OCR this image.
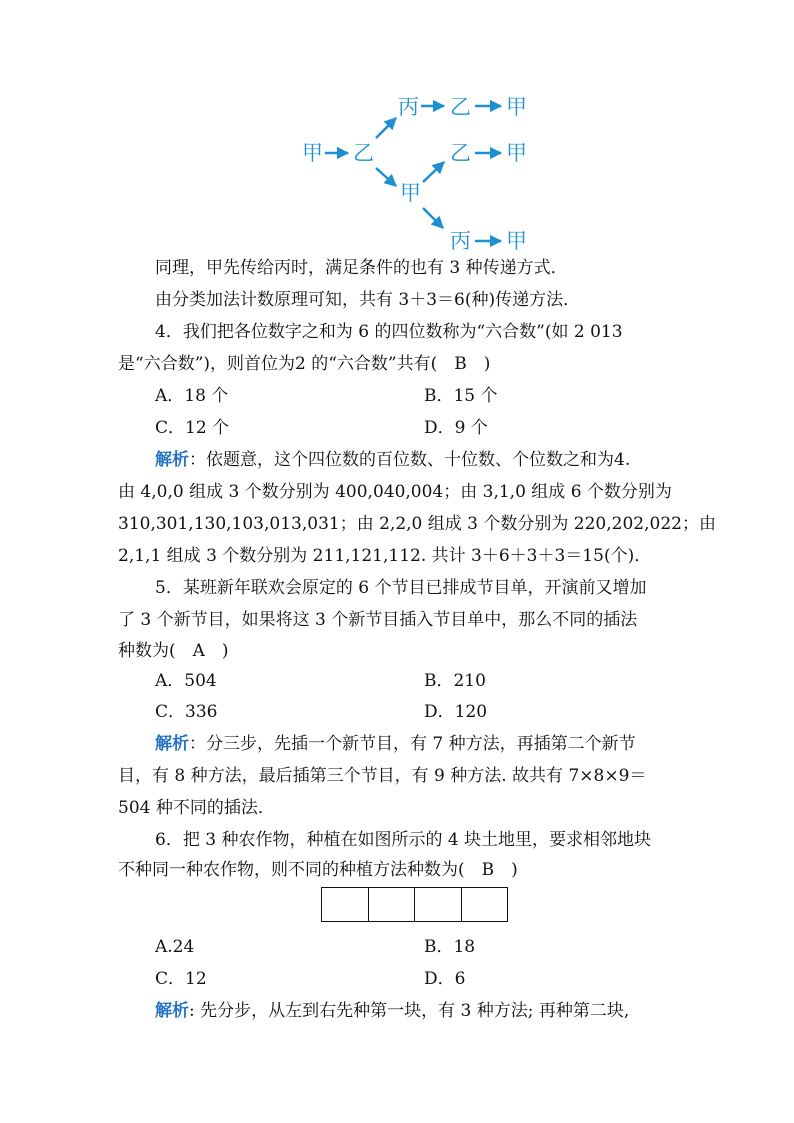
甲 乙
丙 乙 甲
甲
乙 甲
丙 甲
同理，甲先传给丙时，满足条件的也有 3 种传递方式．
由分类加法计数原理可知，共有 3＋3＝6(种)传递方法．
4．我们把各位数字之和为 6 的四位数称为“六合数”(如 2 013
是“六合数”)，则首位为2 的“六合数”共有(　B　)
A．18 个	B．15 个
C．12 个	D．9 个
解析：依题意，这个四位数的百位数、十位数、个位数之和为4.
由 4,0,0 组成 3 个数分别为 400,040,004；由 3,1,0 组成 6 个数分别为
310,301,130,103,013,031；由 2,2,0 组成 3 个数分别为 220,202,022；由
2,1,1 组成 3 个数分别为 211,121,112. 共计 3＋6＋3＋3＝15(个)．
5．某班新年联欢会原定的 6 个节目已排成节目单，开演前又增加
了 3 个新节目，如果将这 3 个新节目插入节目单中，那么不同的插法
种数为(　A　)
A．504	B．210
C．336	D．120
解析：分三步，先插一个新节目，有 7 种方法，再插第二个新节
目，有 8 种方法，最后插第三个节目，有 9 种方法. 故共有 7×8×9＝
504 种不同的插法．
6．把 3 种农作物，种植在如图所示的 4 块土地里，要求相邻地块
不种同一种农作物，则不同的种植方法种数为(　B　)
A.24	B．18
C．12	D．6
解析: 先分步，从左到右先种第一块，有 3 种方法; 再种第二块,
